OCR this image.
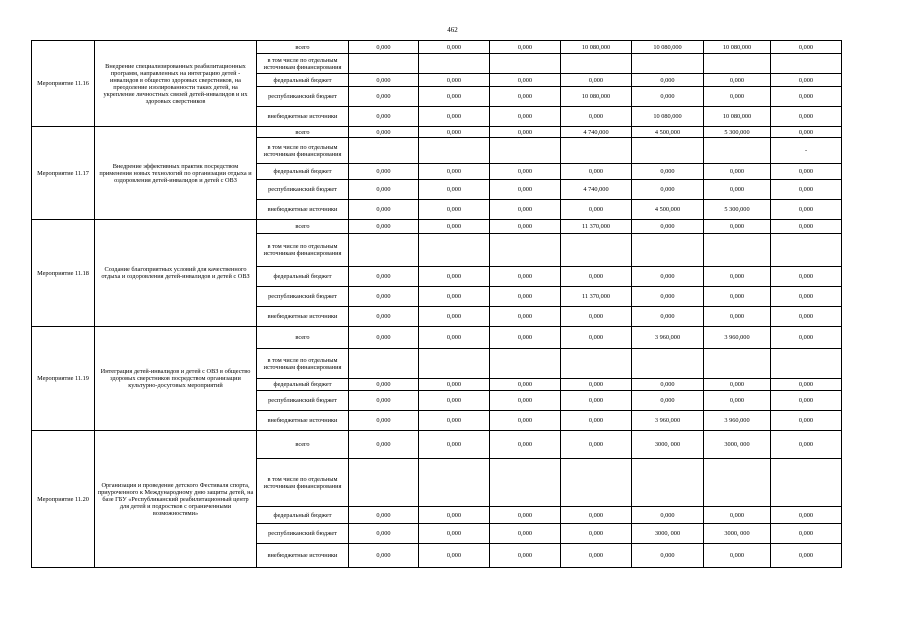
462
Мероприятие 11.16	Внедрение специализированных реабилитационных программ, направленных на интеграцию детей - инвалидов в общество здоровых сверстников, на преодоление изолированности таких детей, на укрепление личностных связей детей-инвалидов и их здоровых сверстников	всего	0,000	0,000	0,000	10 080,000	10 080,000	10 080,000	0,000
		в том числе по отдельным источникам финансирования							
		федеральный бюджет	0,000	0,000	0,000	0,000	0,000	0,000	0,000
		республиканский бюджет	0,000	0,000	0,000	10 080,000	0,000	0,000	0,000
		внебюджетные источники	0,000	0,000	0,000	0,000	10 080,000	10 080,000	0,000
Мероприятие 11.17	Внедрение эффективных практик посредством применения новых технологий по организации отдыха и оздоровления детей-инвалидов и детей с ОВЗ	всего	0,000	0,000	0,000	4 740,000	4 500,000	5 300,000	0,000
		в том числе по отдельным источникам финансирования							-
		федеральный бюджет	0,000	0,000	0,000	0,000	0,000	0,000	0,000
		республиканский бюджет	0,000	0,000	0,000	4 740,000	0,000	0,000	0,000
		внебюджетные источники	0,000	0,000	0,000	0,000	4 500,000	5 300,000	0,000
Мероприятие 11.18	Создание благоприятных условий для качественного отдыха и оздоровления детей-инвалидов и детей с ОВЗ	всего	0,000	0,000	0,000	11 370,000	0,000	0,000	0,000
		в том числе по отдельным источникам финансирования							
		федеральный бюджет	0,000	0,000	0,000	0,000	0,000	0,000	0,000
		республиканский бюджет	0,000	0,000	0,000	11 370,000	0,000	0,000	0,000
		внебюджетные источники	0,000	0,000	0,000	0,000	0,000	0,000	0,000
Мероприятие 11.19	Интеграция детей-инвалидов и детей с ОВЗ в общество здоровых сверстников посредством организации культурно-досуговых мероприятий	всего	0,000	0,000	0,000	0,000	3 960,000	3 960,000	0,000
		в том числе по отдельным источникам финансирования							
		федеральный бюджет	0,000	0,000	0,000	0,000	0,000	0,000	0,000
		республиканский бюджет	0,000	0,000	0,000	0,000	0,000	0,000	0,000
		внебюджетные источники	0,000	0,000	0,000	0,000	3 960,000	3 960,000	0,000
Мероприятие 11.20	Организация и проведение детского Фестиваля спорта, приуроченного к Международному дню защиты детей, на базе ГБУ «Республиканский реабилитационный центр для детей и подростков с ограниченными возможностями»	всего	0,000	0,000	0,000	0,000	3000, 000	3000, 000	0,000
		в том числе по отдельным источникам финансирования							
		федеральный бюджет	0,000	0,000	0,000	0,000	0,000	0,000	0,000
		республиканский бюджет	0,000	0,000	0,000	0,000	3000, 000	3000, 000	0,000
		внебюджетные источники	0,000	0,000	0,000	0,000	0,000	0,000	0,000
